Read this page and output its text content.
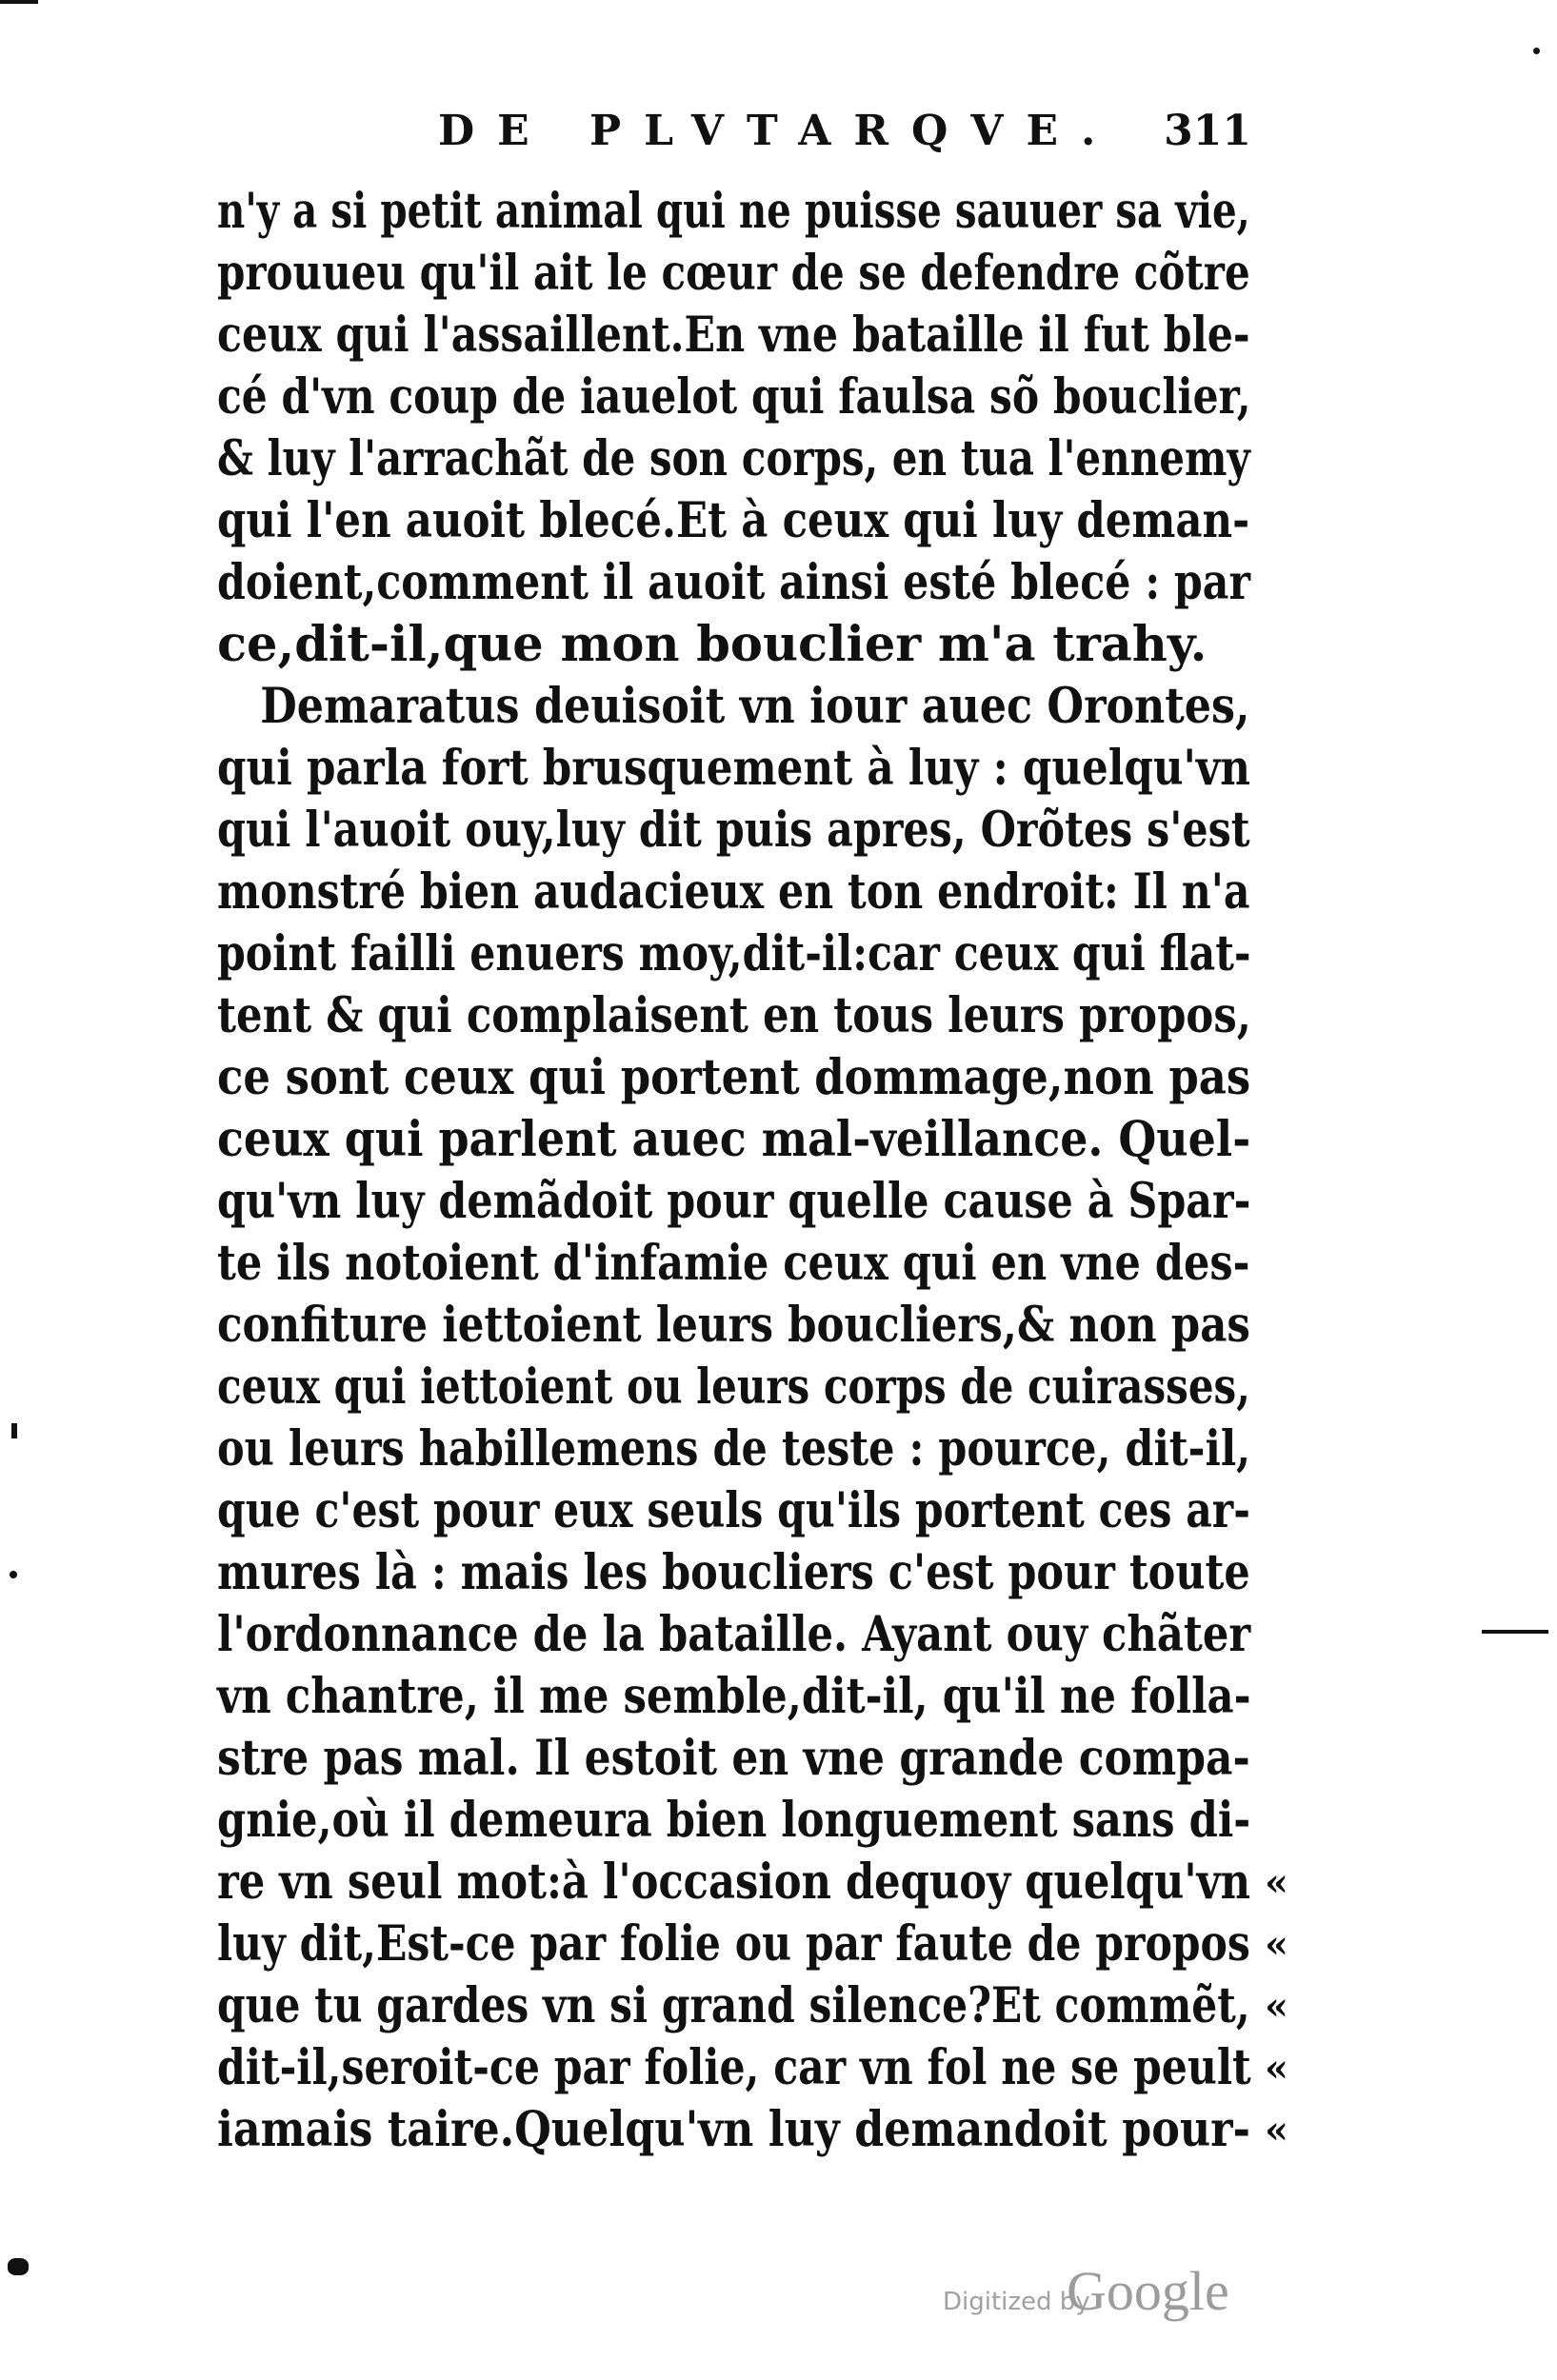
DE PLVTARQVE. 311
n'y a si petit animal qui ne puisse sauuer sa vie,
prouueu qu'il ait le cœur de se defendre cõtre
ceux qui l'assaillent.En vne bataille il fut ble-
cé d'vn coup de iauelot qui faulsa sõ bouclier,
& luy l'arrachãt de son corps, en tua l'ennemy
qui l'en auoit blecé.Et à ceux qui luy deman-
doient,comment il auoit ainsi esté blecé : par
ce,dit-il,que mon bouclier m'a trahy.
Demaratus deuisoit vn iour auec Orontes,
qui parla fort brusquement à luy : quelqu'vn
qui l'auoit ouy,luy dit puis apres, Orõtes s'est
monstré bien audacieux en ton endroit: Il n'a
point failli enuers moy,dit-il:car ceux qui flat-
tent & qui complaisent en tous leurs propos,
ce sont ceux qui portent dommage,non pas
ceux qui parlent auec mal-veillance. Quel-
qu'vn luy demãdoit pour quelle cause à Spar-
te ils notoient d'infamie ceux qui en vne des-
confiture iettoient leurs boucliers,& non pas
ceux qui iettoient ou leurs corps de cuirasses,
ou leurs habillemens de teste : pource, dit-il,
que c'est pour eux seuls qu'ils portent ces ar-
mures là : mais les boucliers c'est pour toute
l'ordonnance de la bataille. Ayant ouy chãter
vn chantre, il me semble,dit-il, qu'il ne folla-
stre pas mal. Il estoit en vne grande compa-
gnie,où il demeura bien longuement sans di-
re vn seul mot:à l'occasion dequoy quelqu'vn «
luy dit,Est-ce par folie ou par faute de propos «
que tu gardes vn si grand silence?Et commẽt, «
dit-il,seroit-ce par folie, car vn fol ne se peult «
iamais taire.Quelqu'vn luy demandoit pour- «
Digitized by
Google
